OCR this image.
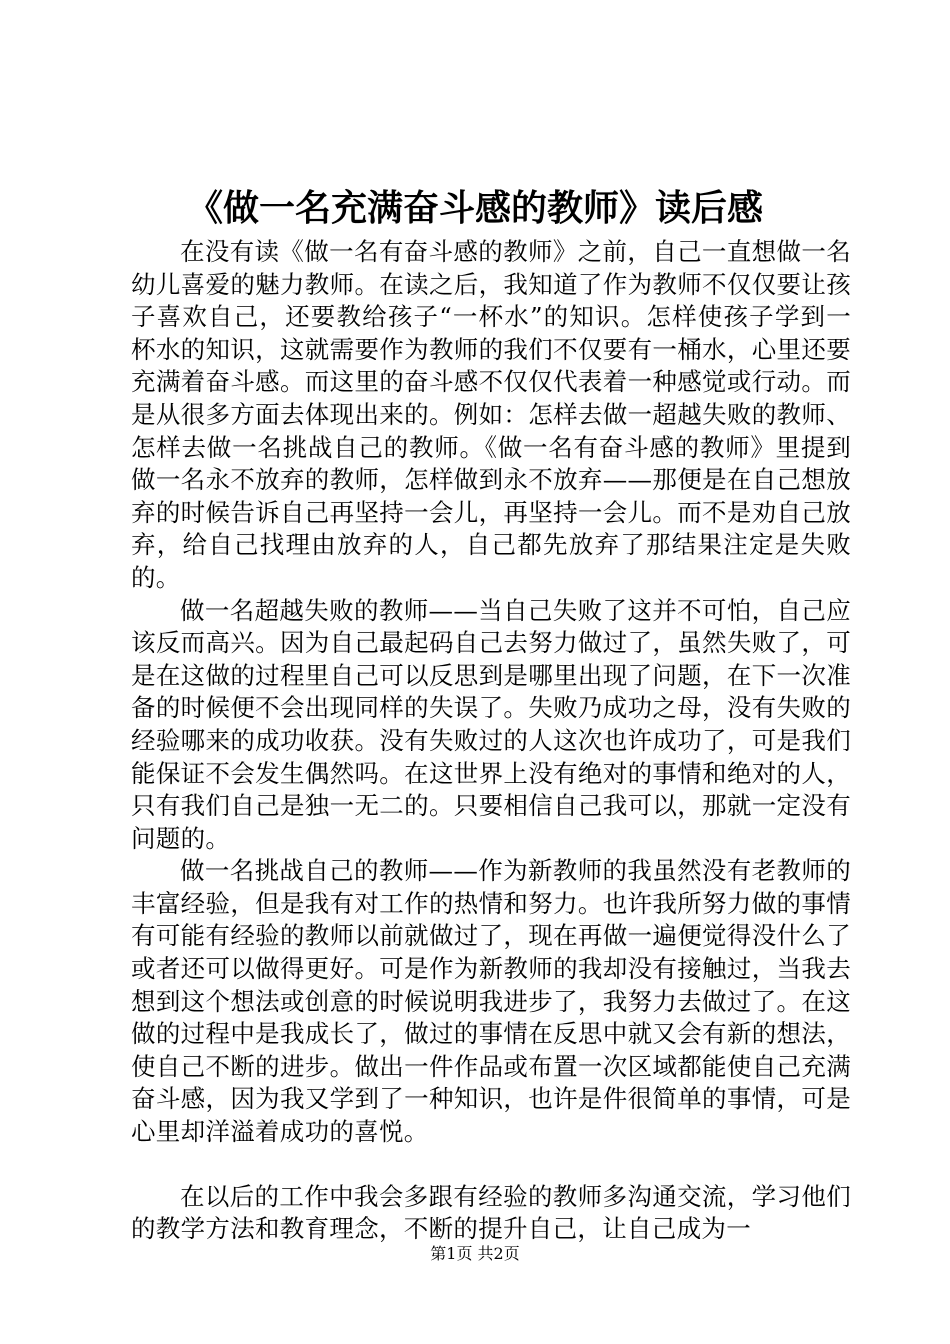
《做一名充满奋斗感的教师》读后感

在没有读《做一名有奋斗感的教师》之前，自己一直想做一名幼儿喜爱的魅力教师。在读之后，我知道了作为教师不仅仅要让孩子喜欢自己，还要教给孩子“一杯水”的知识。怎样使孩子学到一杯水的知识，这就需要作为教师的我们不仅要有一桶水，心里还要充满着奋斗感。而这里的奋斗感不仅仅代表着一种感觉或行动。而是从很多方面去体现出来的。例如：怎样去做一超越失败的教师、怎样去做一名挑战自己的教师。《做一名有奋斗感的教师》里提到做一名永不放弃的教师，怎样做到永不放弃——那便是在自己想放弃的时候告诉自己再坚持一会儿，再坚持一会儿。而不是劝自己放弃，给自己找理由放弃的人，自己都先放弃了那结果注定是失败的。

做一名超越失败的教师——当自己失败了这并不可怕，自己应该反而高兴。因为自己最起码自己去努力做过了，虽然失败了，可是在这做的过程里自己可以反思到是哪里出现了问题，在下一次准备的时候便不会出现同样的失误了。失败乃成功之母，没有失败的经验哪来的成功收获。没有失败过的人这次也许成功了，可是我们能保证不会发生偶然吗。在这世界上没有绝对的事情和绝对的人，只有我们自己是独一无二的。只要相信自己我可以，那就一定没有问题的。

做一名挑战自己的教师——作为新教师的我虽然没有老教师的丰富经验，但是我有对工作的热情和努力。也许我所努力做的事情有可能有经验的教师以前就做过了，现在再做一遍便觉得没什么了或者还可以做得更好。可是作为新教师的我却没有接触过，当我去想到这个想法或创意的时候说明我进步了，我努力去做过了。在这做的过程中是我成长了，做过的事情在反思中就又会有新的想法，使自己不断的进步。做出一件作品或布置一次区域都能使自己充满奋斗感，因为我又学到了一种知识，也许是件很简单的事情，可是心里却洋溢着成功的喜悦。

在以后的工作中我会多跟有经验的教师多沟通交流，学习他们的教学方法和教育理念，不断的提升自己，让自己成为一

第1页 共2页
